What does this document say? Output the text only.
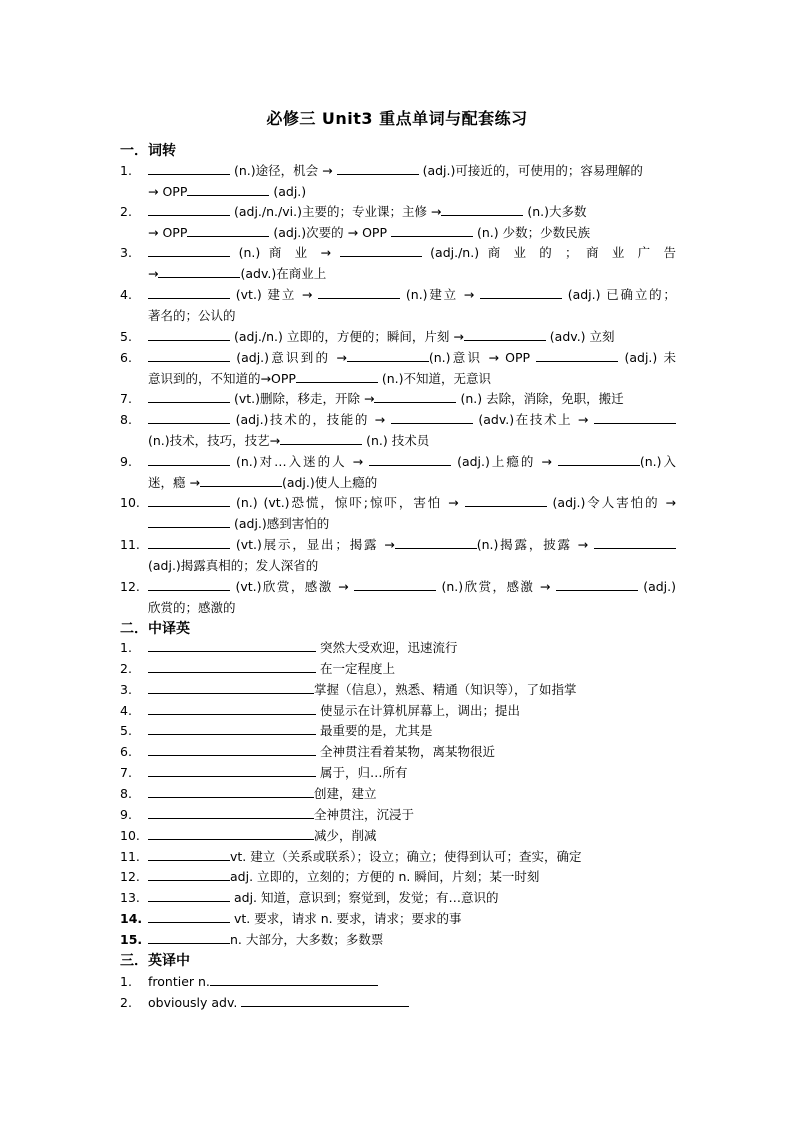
必修三 Unit3 重点单词与配套练习
一．词转
1.	(n.)途径，机会 →	(adj.)可接近的，可使用的；容易理解的
→ OPP	(adj.)
2.	(adj./n./vi.)主要的；专业课；主修 →	(n.)大多数
→ OPP	(adj.)次要的 → OPP	(n.) 少数；少数民族
3.	(n.) 商 业 →	(adj./n.) 商 业 的 ； 商 业 广 告
→	(adv.)在商业上
4.	(vt.) 建立 →	(n.)建立 →	(adj.) 已确立的；
著名的；公认的
5.	(adj./n.) 立即的，方便的；瞬间，片刻 →	(adv.) 立刻
6.	(adj.)意识到的 →	(n.)意识 → OPP	(adj.) 未
意识到的，不知道的→OPP	(n.)不知道，无意识
7.	(vt.)删除，移走，开除 →	(n.) 去除，消除，免职，搬迁
8.	(adj.)技术的，技能的 →	(adv.)在技术上 →
(n.)技术，技巧，技艺→	(n.) 技术员
9.	(n.)对…入迷的人 →	(adj.)上瘾的 →	(n.)入
迷，瘾 →	(adj.)使人上瘾的
10.	(n.) (vt.)恐慌，惊吓;惊吓，害怕 →	(adj.)令人害怕的 →
(adj.)感到害怕的
11.	(vt.)展示，显出；揭露 →	(n.)揭露，披露 →
(adj.)揭露真相的；发人深省的
12.	(vt.)欣赏，感激 →	(n.)欣赏，感激 →	(adj.)
欣赏的；感激的
二．中译英
1.	突然大受欢迎，迅速流行
2.	在一定程度上
3.	掌握（信息），熟悉、精通（知识等），了如指掌
4.	使显示在计算机屏幕上，调出；提出
5.	最重要的是，尤其是
6.	全神贯注看着某物，离某物很近
7.	属于，归…所有
8.	创建，建立
9.	全神贯注，沉浸于
10.	减少，削减
11.	vt. 建立（关系或联系）；设立；确立；使得到认可；查实，确定
12.	adj. 立即的，立刻的；方便的 n. 瞬间，片刻；某一时刻
13.	adj. 知道，意识到；察觉到，发觉；有…意识的
14.	vt. 要求，请求 n. 要求，请求；要求的事
15.	n. 大部分，大多数；多数票
三．英译中
1.	frontier n.
2.	obviously adv.
